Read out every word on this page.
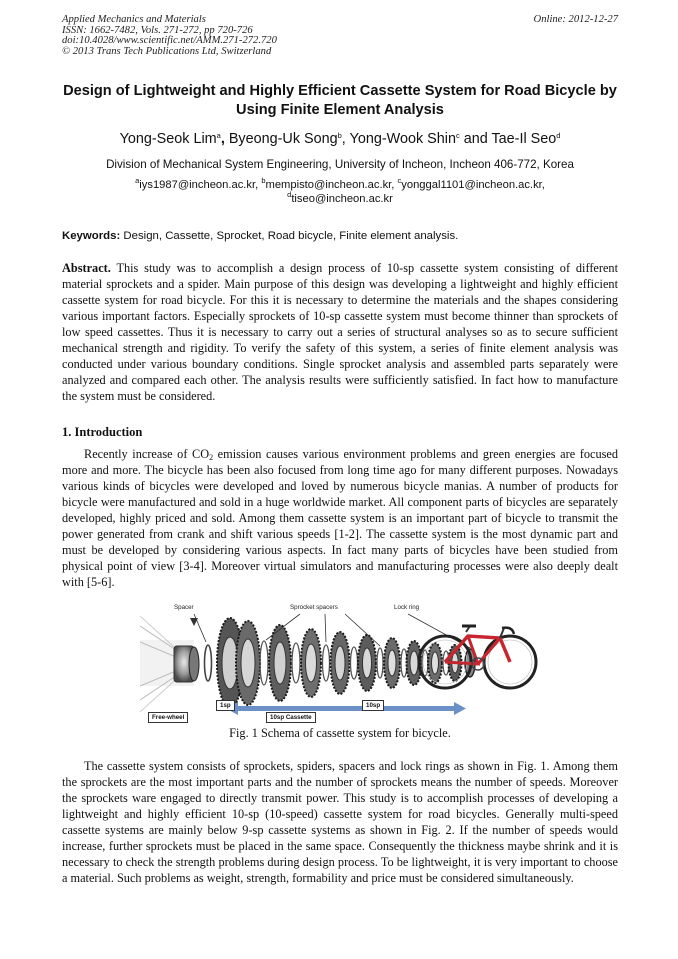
Applied Mechanics and Materials
ISSN: 1662-7482, Vols. 271-272, pp 720-726
doi:10.4028/www.scientific.net/AMM.271-272.720
© 2013 Trans Tech Publications Ltd, Switzerland
Online: 2012-12-27
Design of Lightweight and Highly Efficient Cassette System for Road Bicycle by Using Finite Element Analysis
Yong-Seok Lim$^a$, Byeong-Uk Song$^b$, Yong-Wook Shin$^c$ and Tae-Il Seo$^d$
Division of Mechanical System Engineering, University of Incheon, Incheon 406-772, Korea
$^a$iys1987@incheon.ac.kr, $^b$mempisto@incheon.ac.kr, $^c$yonggal1101@incheon.ac.kr,
$^d$tiseo@incheon.ac.kr
Keywords: Design, Cassette, Sprocket, Road bicycle, Finite element analysis.
Abstract. This study was to accomplish a design process of 10-sp cassette system consisting of different material sprockets and a spider. Main purpose of this design was developing a lightweight and highly efficient cassette system for road bicycle. For this it is necessary to determine the materials and the shapes considering various important factors. Especially sprockets of 10-sp cassette system must become thinner than sprockets of low speed cassettes. Thus it is necessary to carry out a series of structural analyses so as to secure sufficient mechanical strength and rigidity. To verify the safety of this system, a series of finite element analysis was conducted under various boundary conditions. Single sprocket analysis and assembled parts separately were analyzed and compared each other. The analysis results were sufficiently satisfied. In fact how to manufacture the system must be considered.
1. Introduction
Recently increase of $CO_2$ emission causes various environment problems and green energies are focused more and more. The bicycle has been also focused from long time ago for many different purposes. Nowadays various kinds of bicycles were developed and loved by numerous bicycle manias. A number of products for bicycle were manufactured and sold in a huge worldwide market. All component parts of bicycles are separately developed, highly priced and sold. Among them cassette system is an important part of bicycle to transmit the power generated from crank and shift various speeds [1-2]. The cassette system is the most dynamic part and must be developed by considering various aspects. In fact many parts of bicycles have been studied from physical point of view [3-4]. Moreover virtual simulators and manufacturing processes were also deeply dealt with [5-6].
Spacer	Sprocket spacers	Lock ring
Free-wheel
1sp
10sp Cassette
10sp
Fig. 1 Schema of cassette system for bicycle.
The cassette system consists of sprockets, spiders, spacers and lock rings as shown in Fig. 1. Among them the sprockets are the most important parts and the number of sprockets means the number of speeds. Moreover the sprockets ware engaged to directly transmit power. This study is to accomplish processes of developing a lightweight and highly efficient 10-sp (10-speed) cassette system for road bicycles. Generally multi-speed cassette systems are mainly below 9-sp cassette systems as shown in Fig. 2. If the number of speeds would increase, further sprockets must be placed in the same space. Consequently the thickness maybe shrink and it is necessary to check the strength problems during design process. To be lightweight, it is very important to choose a material. Such problems as weight, strength, formability and price must be considered simultaneously.
